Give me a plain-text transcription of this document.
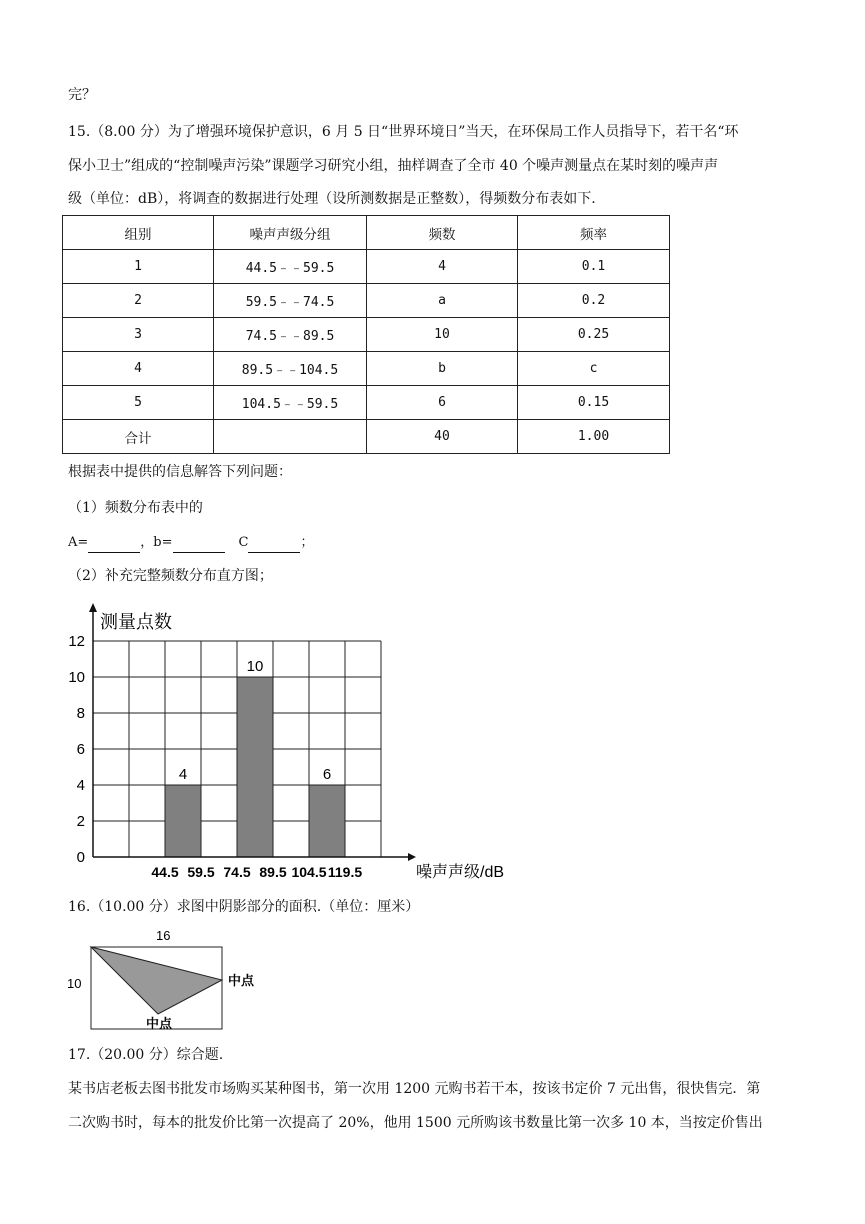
完？
15.（8.00 分）为了增强环境保护意识，6 月 5 日“世界环境日”当天，在环保局工作人员指导下，若干名“环
保小卫士”组成的“控制噪声污染”课题学习研究小组，抽样调查了全市 40 个噪声测量点在某时刻的噪声声
级（单位：dB），将调查的数据进行处理（设所测数据是正整数），得频数分布表如下.
组别	噪声声级分组	频数	频率
1	44.5﹣﹣59.5	4	0.1
2	59.5﹣﹣74.5	a	0.2
3	74.5﹣﹣89.5	10	0.25
4	89.5﹣﹣104.5	b	c
5	104.5﹣﹣59.5	6	0.15
合计		40	1.00
根据表中提供的信息解答下列问题：
（1）频数分布表中的
A=	，b=	C	；
（2）补充完整频数分布直方图；
0
2
4
6
8
10
12
4
10
6
44.5 59.5 74.5 89.5 104.5 119.5
测量点数
噪声声级/dB
16.（10.00 分）求图中阴影部分的面积.（单位：厘米）
16
10	中点
中点
17.（20.00 分）综合题.
某书店老板去图书批发市场购买某种图书，第一次用 1200 元购书若干本，按该书定价 7 元出售，很快售完．第
二次购书时，每本的批发价比第一次提高了 20%，他用 1500 元所购该书数量比第一次多 10 本，当按定价售出
